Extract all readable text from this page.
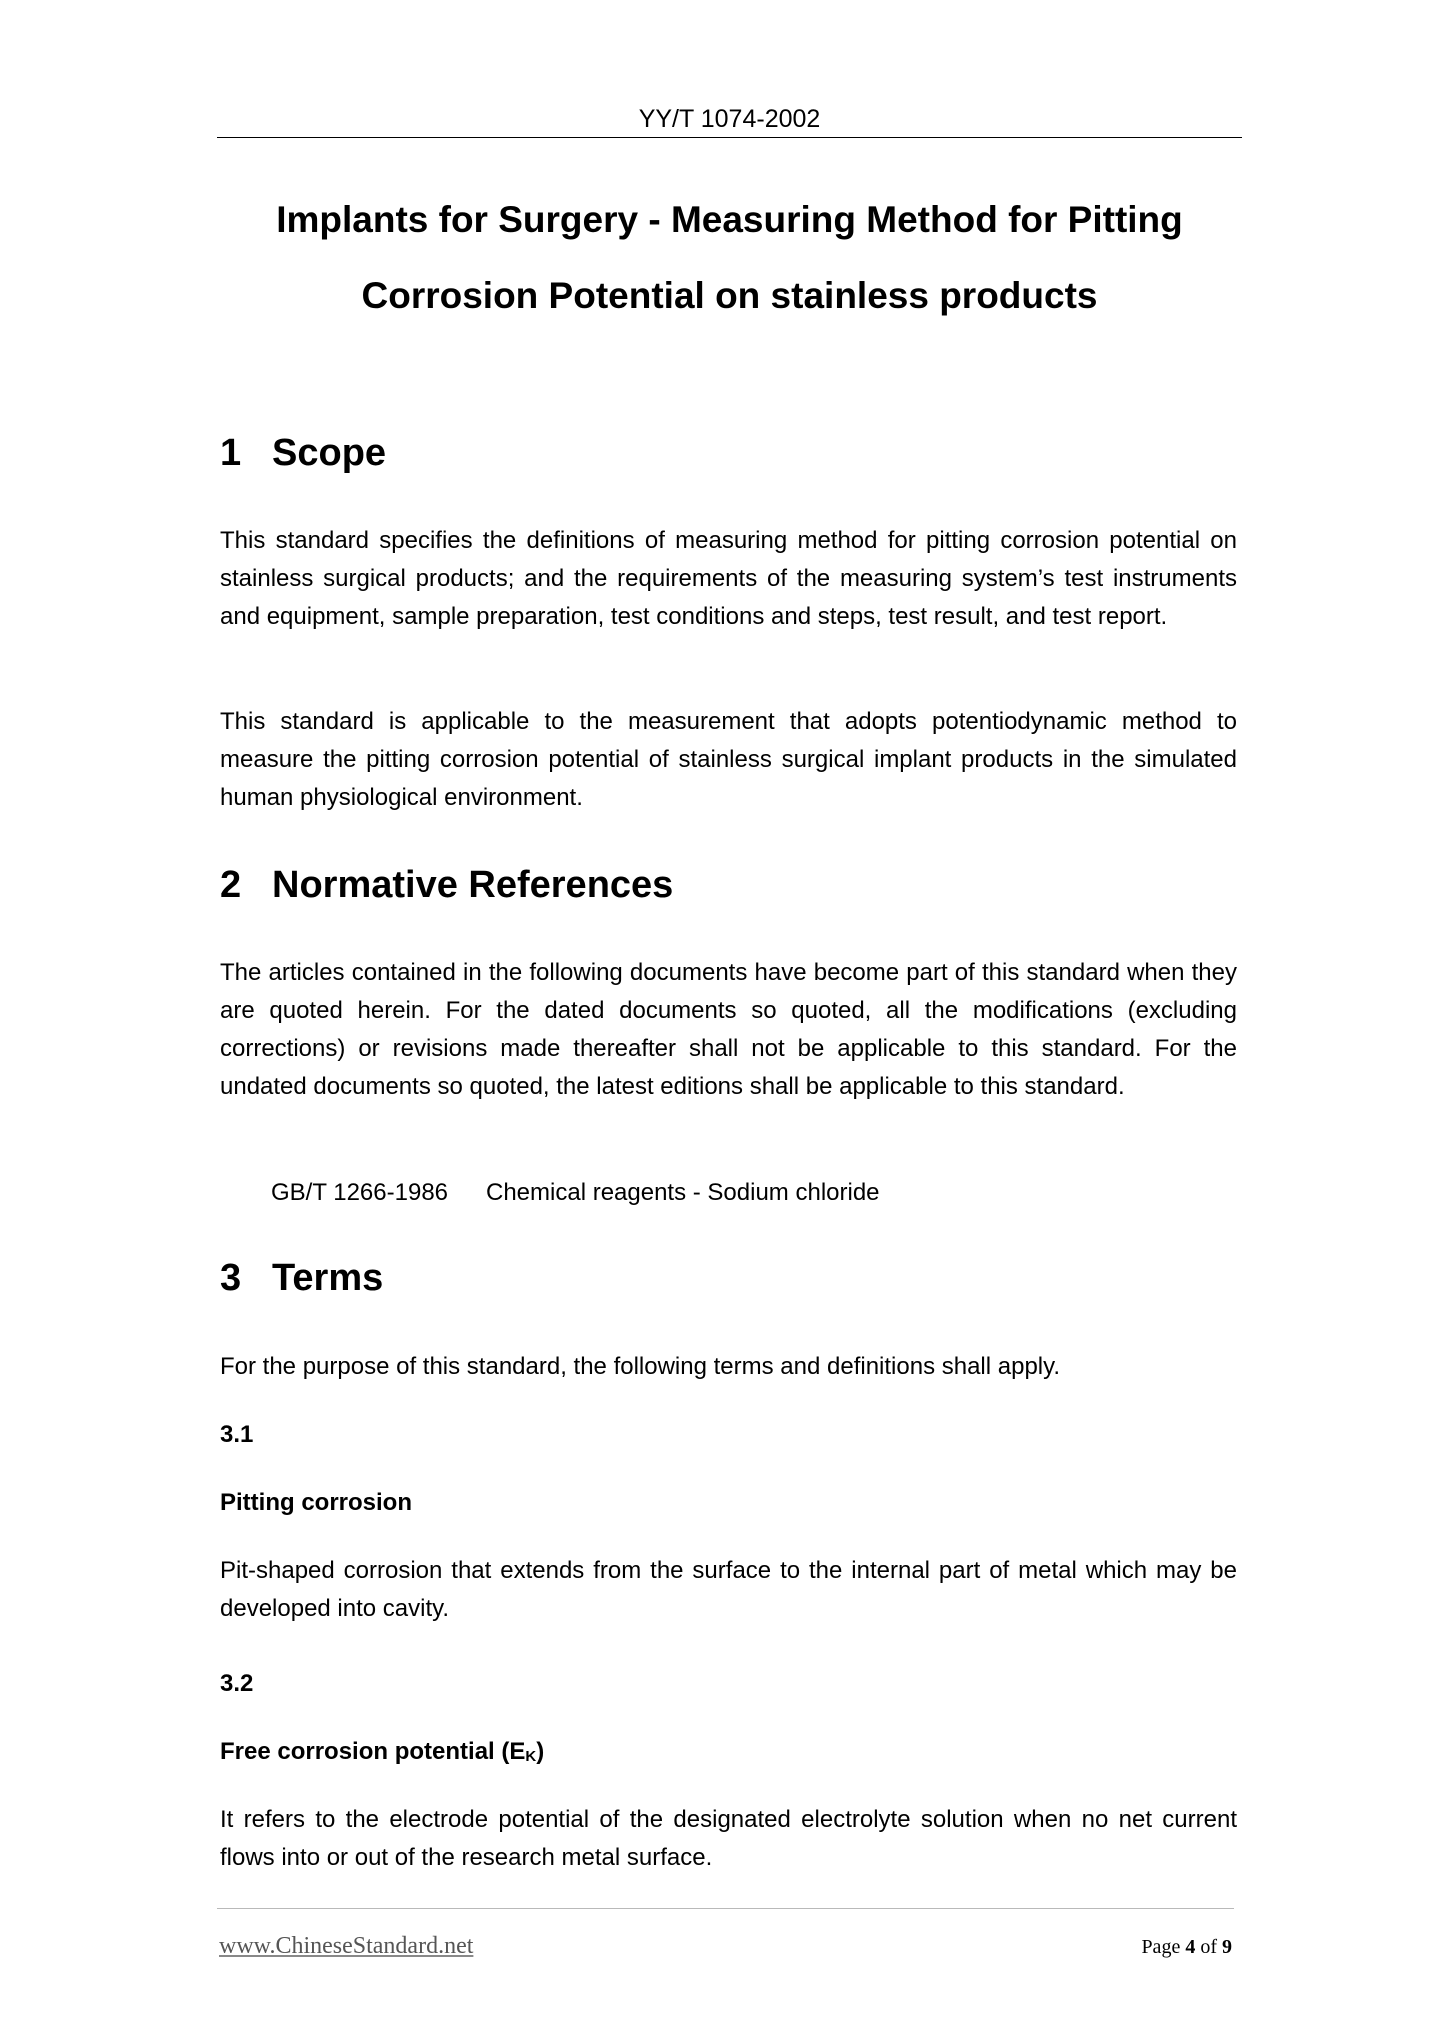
YY/T 1074-2002
Implants for Surgery - Measuring Method for Pitting
Corrosion Potential on stainless products
1 Scope
This standard specifies the definitions of measuring method for pitting corrosion potential on stainless surgical products; and the requirements of the measuring system’s test instruments and equipment, sample preparation, test conditions and steps, test result, and test report.
This standard is applicable to the measurement that adopts potentiodynamic method to measure the pitting corrosion potential of stainless surgical implant products in the simulated human physiological environment.
2 Normative References
The articles contained in the following documents have become part of this standard when they are quoted herein. For the dated documents so quoted, all the modifications (excluding corrections) or revisions made thereafter shall not be applicable to this standard. For the undated documents so quoted, the latest editions shall be applicable to this standard.
GB/T 1266-1986 Chemical reagents - Sodium chloride
3 Terms
For the purpose of this standard, the following terms and definitions shall apply.
3.1
Pitting corrosion
Pit-shaped corrosion that extends from the surface to the internal part of metal which may be developed into cavity.
3.2
Free corrosion potential $(E_K)$
It refers to the electrode potential of the designated electrolyte solution when no net current flows into or out of the research metal surface.
www.ChineseStandard.net	Page 4 of 9
